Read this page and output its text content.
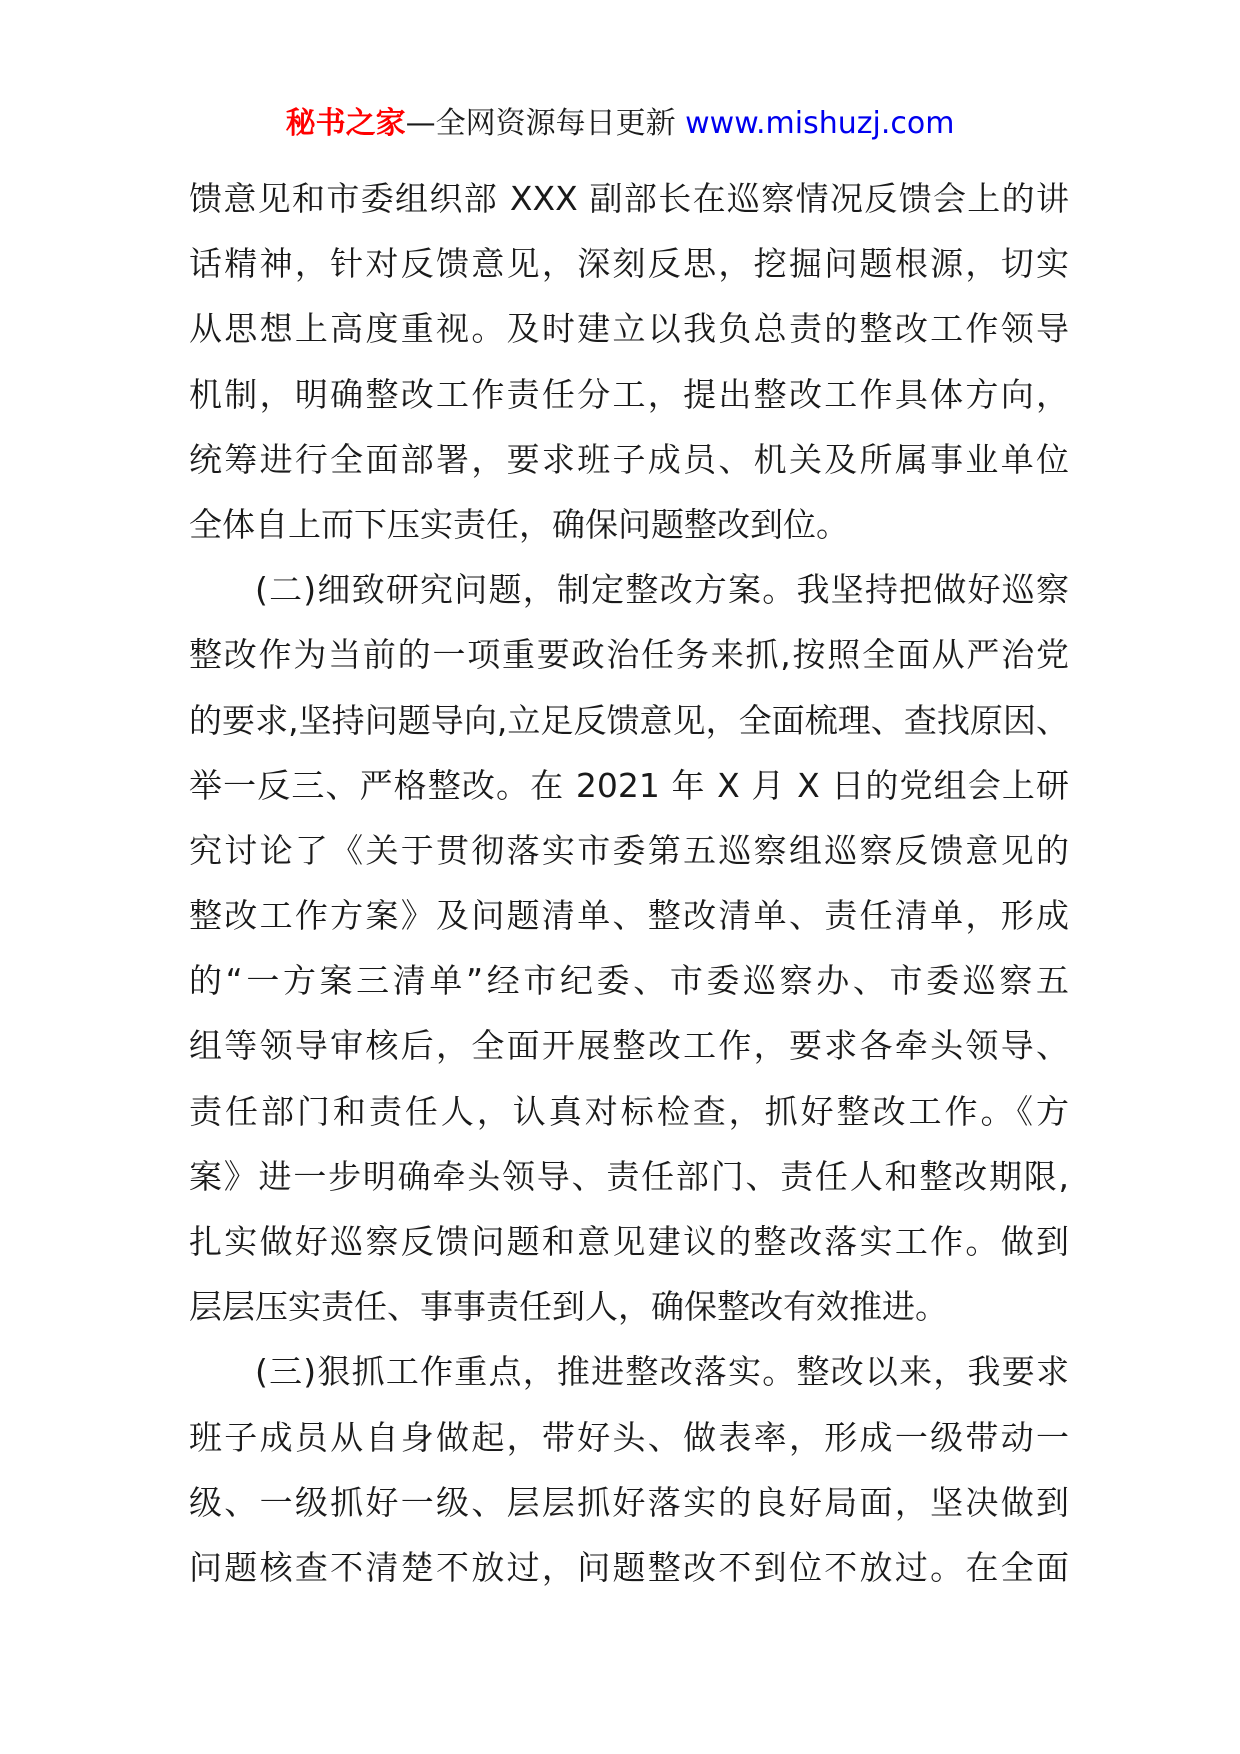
秘书之家—全网资源每日更新 www.mishuzj.com
馈意见和市委组织部 XXX 副部长在巡察情况反馈会上的讲
话精神，针对反馈意见，深刻反思，挖掘问题根源，切实
从思想上高度重视。及时建立以我负总责的整改工作领导
机制，明确整改工作责任分工，提出整改工作具体方向，
统筹进行全面部署，要求班子成员、机关及所属事业单位
全体自上而下压实责任，确保问题整改到位。
(二)细致研究问题，制定整改方案。我坚持把做好巡察
整改作为当前的一项重要政治任务来抓,按照全面从严治党
的要求,坚持问题导向,立足反馈意见，全面梳理、查找原因、
举一反三、严格整改。在 2021 年 X 月 X 日的党组会上研
究讨论了《关于贯彻落实市委第五巡察组巡察反馈意见的
整改工作方案》及问题清单、整改清单、责任清单，形成
的“一方案三清单”经市纪委、市委巡察办、市委巡察五
组等领导审核后，全面开展整改工作，要求各牵头领导、
责任部门和责任人，认真对标检查，抓好整改工作。《方
案》进一步明确牵头领导、责任部门、责任人和整改期限,
扎实做好巡察反馈问题和意见建议的整改落实工作。做到
层层压实责任、事事责任到人，确保整改有效推进。
(三)狠抓工作重点，推进整改落实。整改以来，我要求
班子成员从自身做起，带好头、做表率，形成一级带动一
级、一级抓好一级、层层抓好落实的良好局面，坚决做到
问题核查不清楚不放过，问题整改不到位不放过。在全面
